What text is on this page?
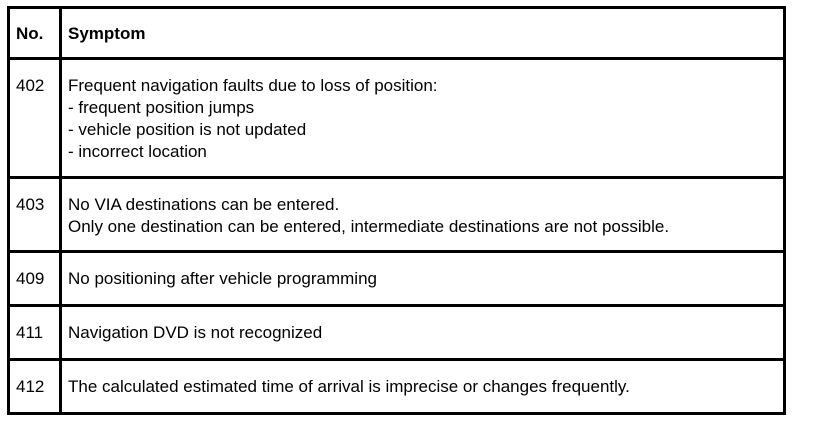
No.	Symptom
402	Frequent navigation faults due to loss of position:
- frequent position jumps
- vehicle position is not updated
- incorrect location

403	No VIA destinations can be entered.
Only one destination can be entered, intermediate destinations are not possible.

409	No positioning after vehicle programming

411	Navigation DVD is not recognized

412	The calculated estimated time of arrival is imprecise or changes frequently.
